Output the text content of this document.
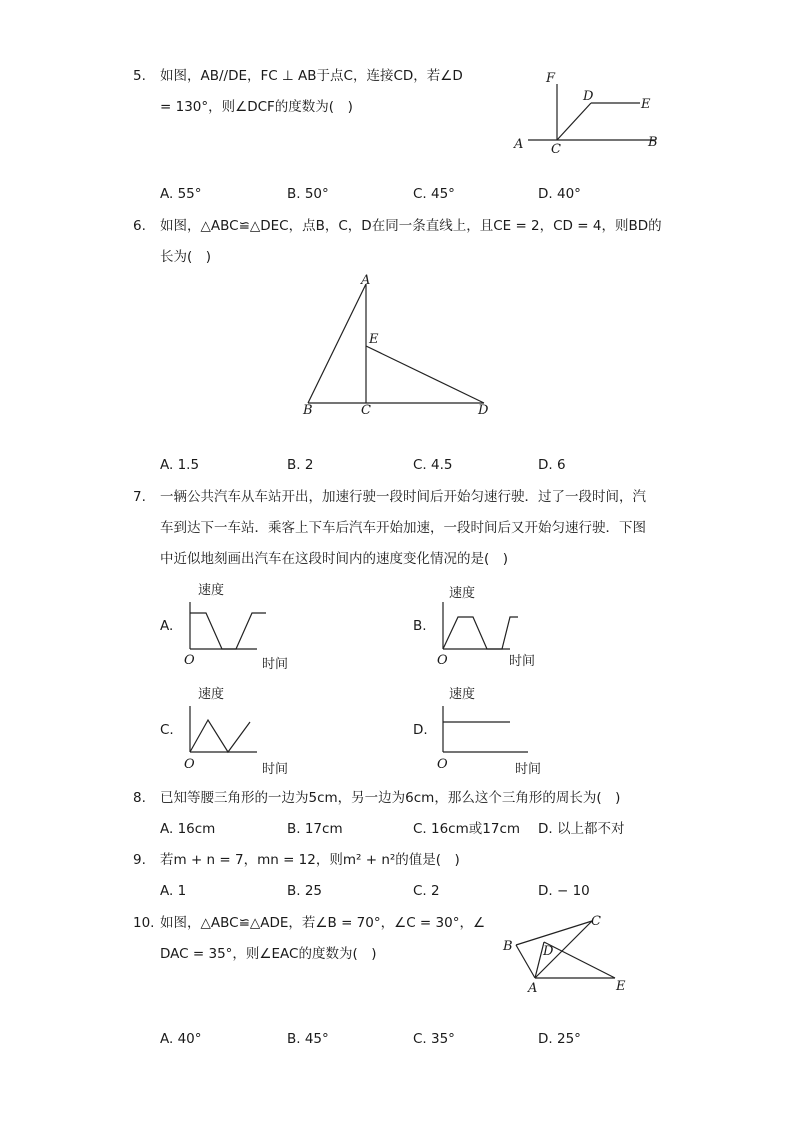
5. 如图，AB//DE，FC ⊥ AB于点C，连接CD，若∠D
= 130°，则∠DCF的度数为(　)
A. 55°	B. 50°	C. 45°	D. 40°
6. 如图，△ABC≌△DEC，点B，C，D在同一条直线上，且CE = 2，CD = 4，则BD的
长为(　)
A. 1.5	B. 2	C. 4.5	D. 6
7. 一辆公共汽车从车站开出，加速行驶一段时间后开始匀速行驶．过了一段时间，汽
车到达下一车站．乘客上下车后汽车开始加速，一段时间后又开始匀速行驶．下图
中近似地刻画出汽车在这段时间内的速度变化情况的是(　)
A.	B.
C.	D.
8. 已知等腰三角形的一边为5cm，另一边为6cm，那么这个三角形的周长为(　)
A. 16cm	B. 17cm	C. 16cm或17cm D. 以上都不对
9. 若m + n = 7，mn = 12，则m² + n²的值是(　)
A. 1	B. 25	C. 2	D. − 10
10. 如图，△ABC≌△ADE，若∠B = 70°，∠C = 30°，∠
DAC = 35°，则∠EAC的度数为(　)
A. 40°	B. 45°	C. 35°	D. 25°
F
D
E
A C	B
A
E
B	C	D
速度
时间
O
速度
时间
O
速度
时间
O
速度
时间
O
B
C
D
A	E
